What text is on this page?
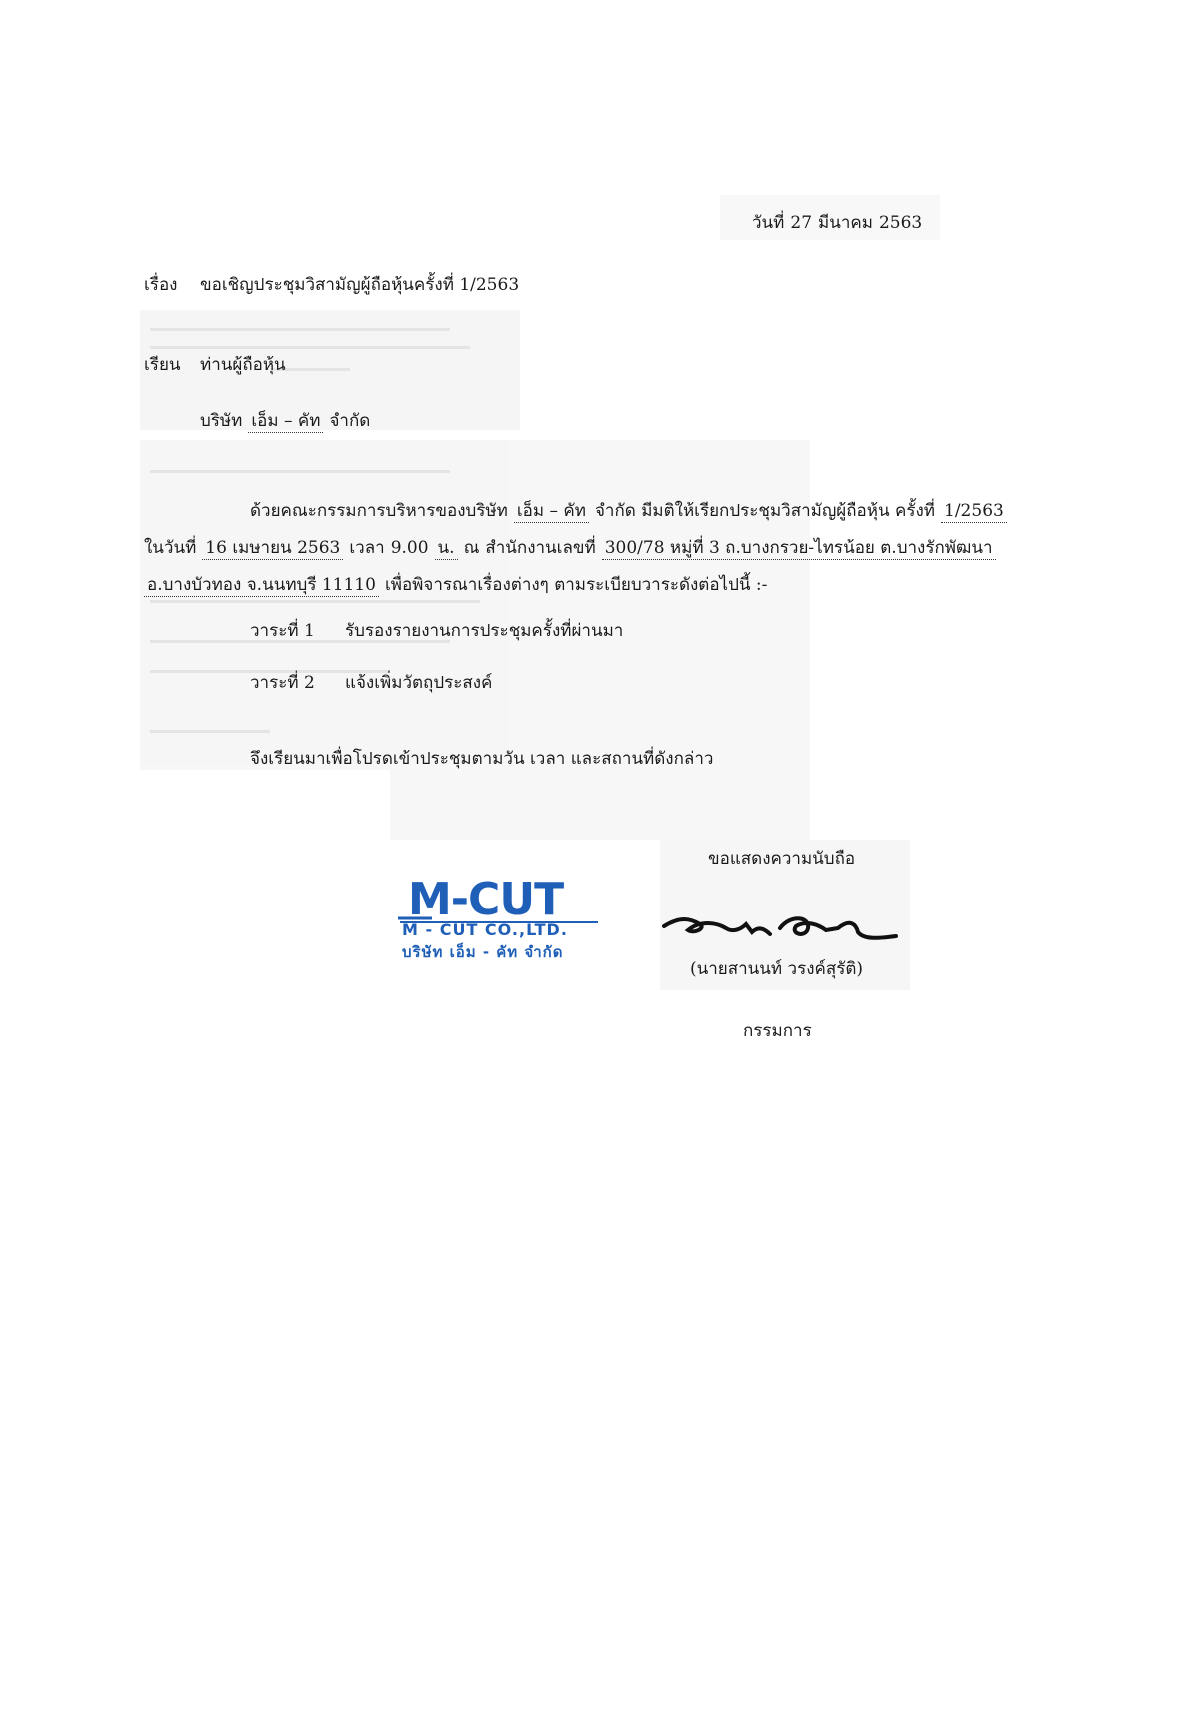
วันที่ 27 มีนาคม 2563
เรื่อง ขอเชิญประชุมวิสามัญผู้ถือหุ้นครั้งที่ 1/2563
เรียน ท่านผู้ถือหุ้น
บริษัท เอ็ม – คัท จำกัด
ด้วยคณะกรรมการบริหารของบริษัท เอ็ม – คัท จำกัด มีมติให้เรียกประชุมวิสามัญผู้ถือหุ้น ครั้งที่ 1/2563
ในวันที่ 16 เมษายน 2563 เวลา 9.00 น. ณ สำนักงานเลขที่ 300/78 หมู่ที่ 3 ถ.บางกรวย-ไทรน้อย ต.บางรักพัฒนา
อ.บางบัวทอง จ.นนทบุรี 11110 เพื่อพิจารณาเรื่องต่างๆ ตามระเบียบวาระดังต่อไปนี้ :-
วาระที่ 1 รับรองรายงานการประชุมครั้งที่ผ่านมา
วาระที่ 2 แจ้งเพิ่มวัตถุประสงค์
จึงเรียนมาเพื่อโปรดเข้าประชุมตามวัน เวลา และสถานที่ดังกล่าว
ขอแสดงความนับถือ
M-CUT
M - CUT CO.,LTD.
บริษัท เอ็ม - คัท จำกัด
(นายสานนท์ วรงค์สุรัติ)
กรรมการ
